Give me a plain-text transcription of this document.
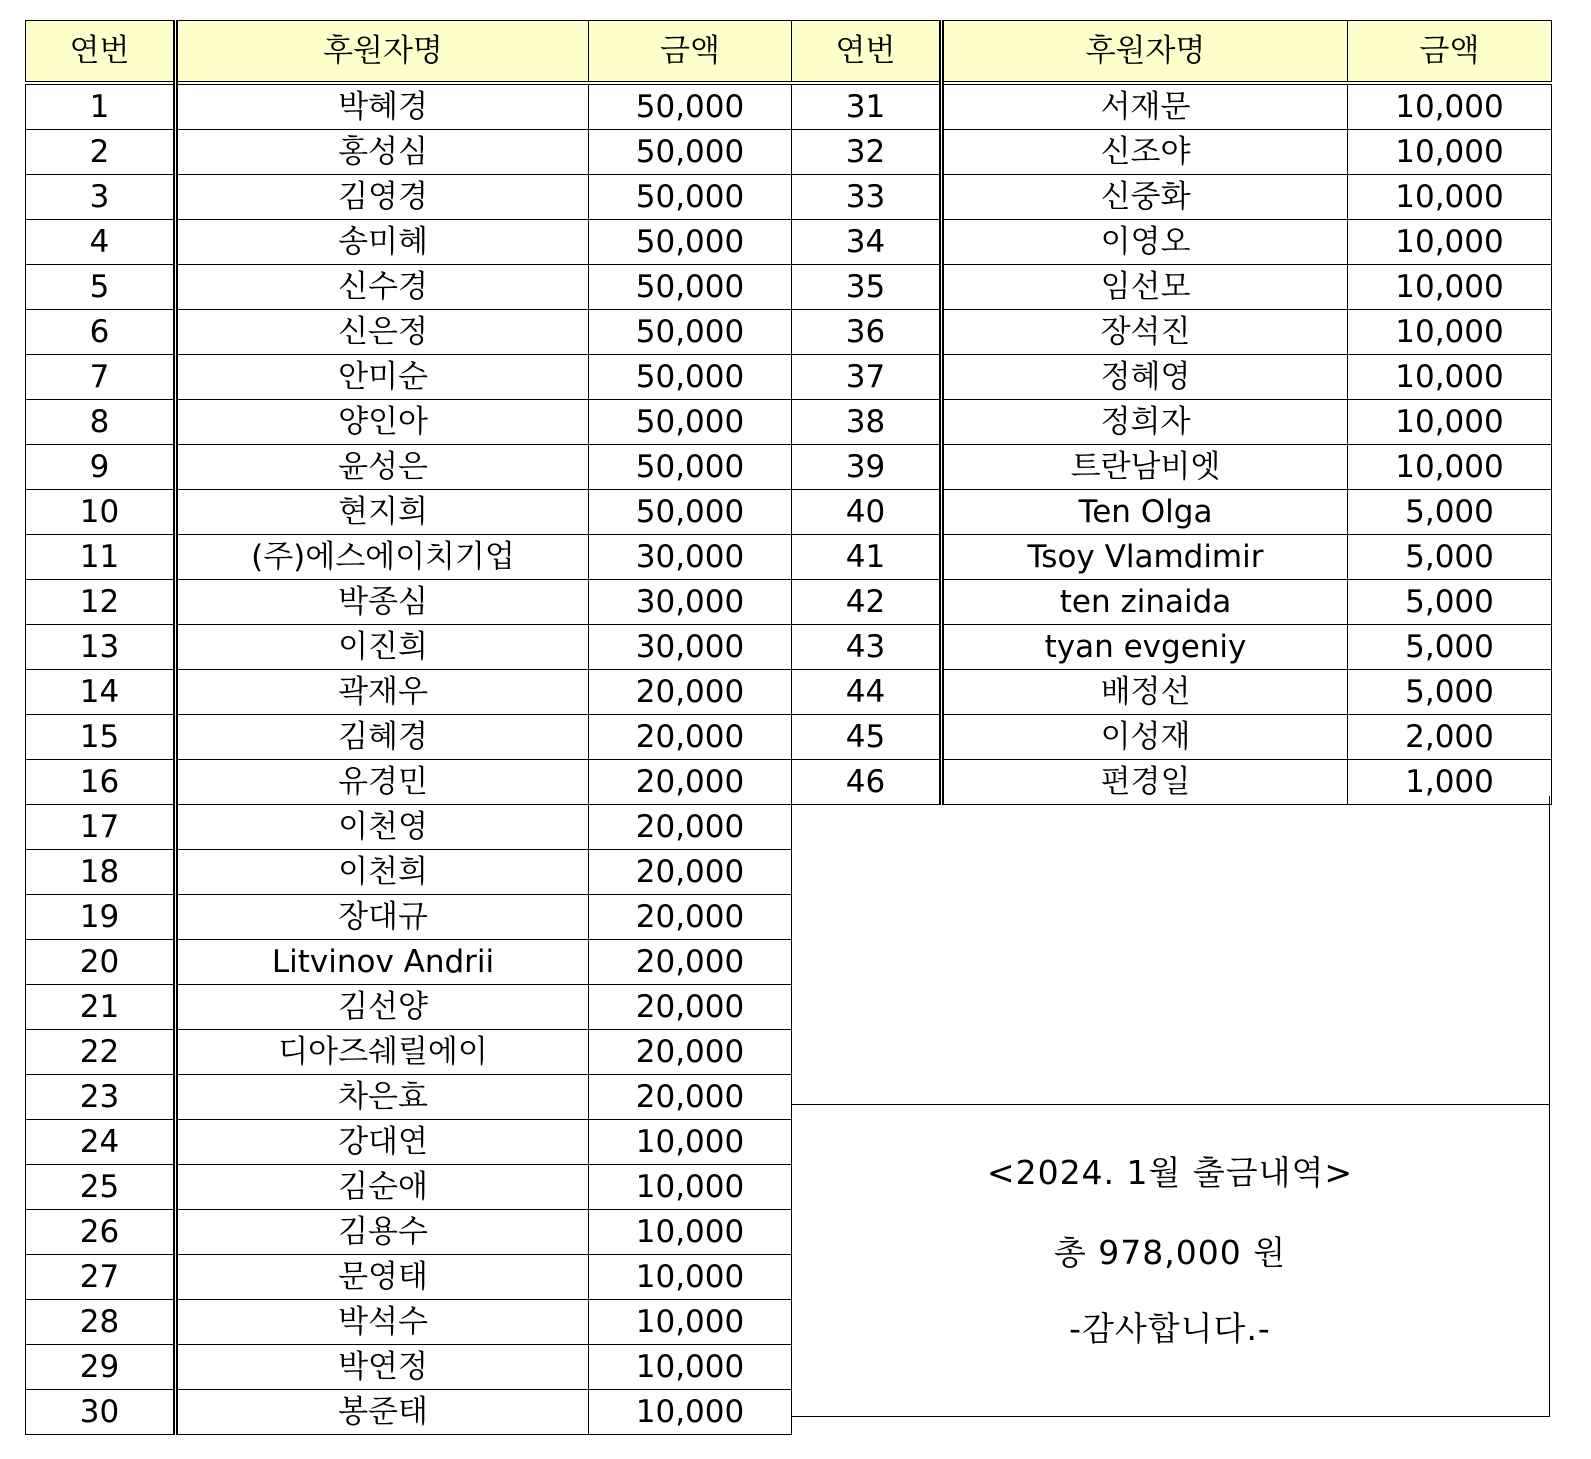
연번	후원자명	금액
1	박혜경	50,000
2	홍성심	50,000
3	김영경	50,000
4	송미혜	50,000
5	신수경	50,000
6	신은정	50,000
7	안미순	50,000
8	양인아	50,000
9	윤성은	50,000
10	현지희	50,000
11	(주)에스에이치기업	30,000
12	박종심	30,000
13	이진희	30,000
14	곽재우	20,000
15	김혜경	20,000
16	유경민	20,000
17	이천영	20,000
18	이천희	20,000
19	장대규	20,000
20	Litvinov Andrii	20,000
21	김선양	20,000
22	디아즈쉐릴에이	20,000
23	차은효	20,000
24	강대연	10,000
25	김순애	10,000
26	김용수	10,000
27	문영태	10,000
28	박석수	10,000
29	박연정	10,000
30	봉준태	10,000
연번	후원자명	금액
31	서재문	10,000
32	신조야	10,000
33	신중화	10,000
34	이영오	10,000
35	임선모	10,000
36	장석진	10,000
37	정혜영	10,000
38	정희자	10,000
39	트란남비엣	10,000
40	Ten Olga	5,000
41	Tsoy Vlamdimir	5,000
42	ten zinaida	5,000
43	tyan evgeniy	5,000
44	배정선	5,000
45	이성재	2,000
46	편경일	1,000
<2024. 1월 출금내역>
총 978,000 원
-감사합니다.-
